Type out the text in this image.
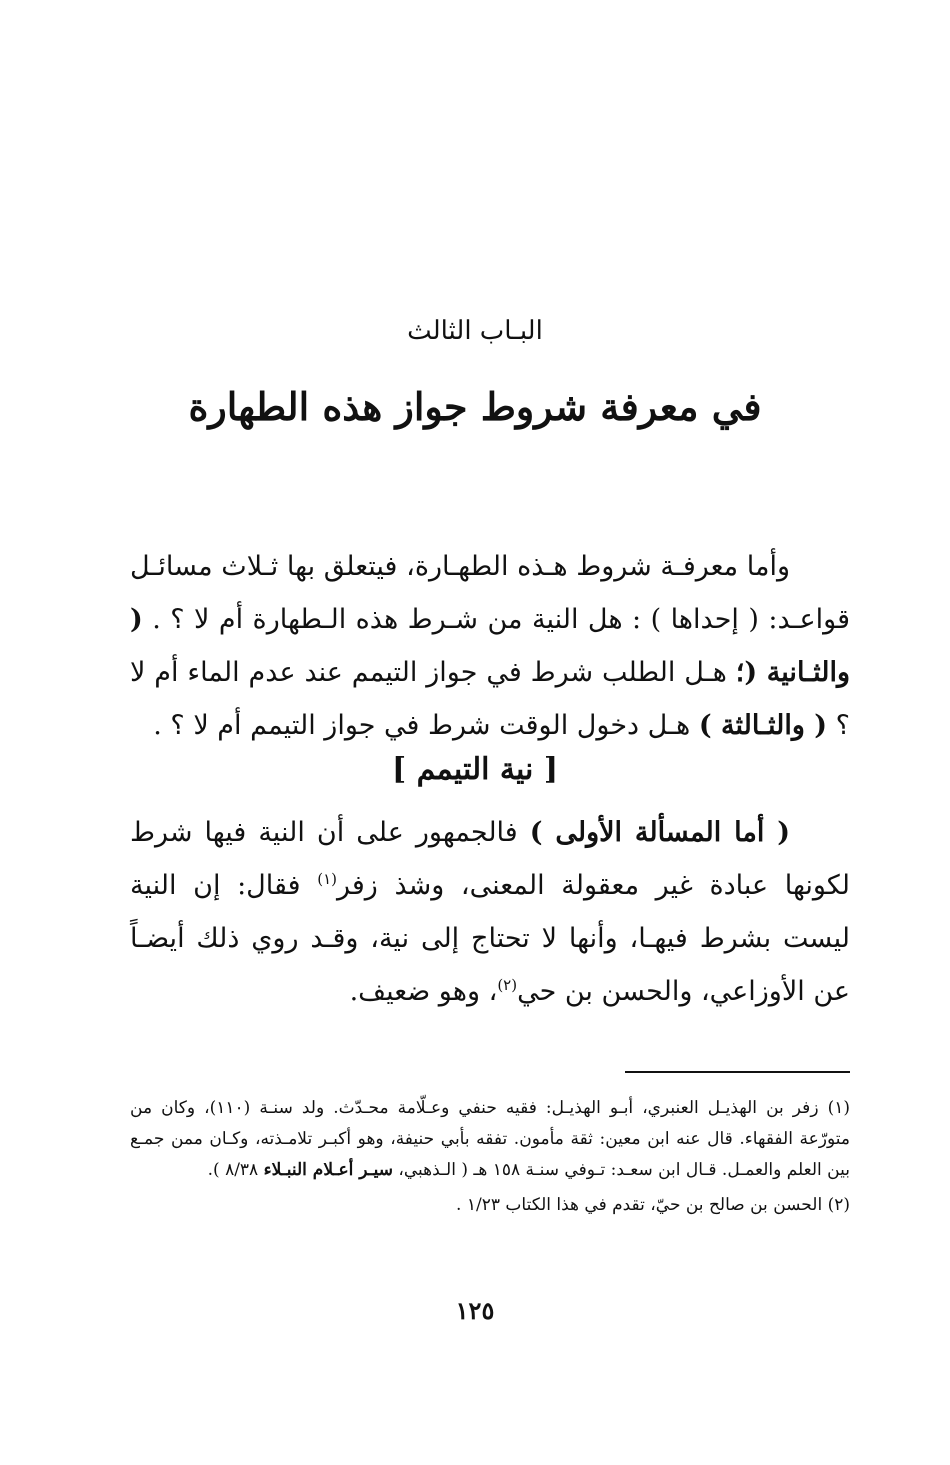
البـاب الثالث
في معرفة شروط جواز هذه الطهارة

وأما معرفـة شروط هـذه الطهـارة، فيتعلق بها ثـلاث مسائـل قواعـد: ( إحداها ) : هل النية من شـرط هذه الـطهارة أم لا ؟ . ( والثـانية (؛ هـل الطلب شرط في جواز التيمم عند عدم الماء أم لا ؟ ( والثـالثة ) هـل دخول الوقت شرط في جواز التيمم أم لا ؟ .

[ نية التيمم ]

( أما المسألة الأولى ) فالجمهور على أن النية فيها شرط لكونها عبادة غير معقولة المعنى، وشذ زفر$^{(١)}$ فقال: إن النية ليست بشرط فيهـا، وأنها لا تحتاج إلى نية، وقـد روي ذلك أيضـاً عن الأوزاعي، والحسن بن حي$^{(٢)}$، وهو ضعيف.

(١) زفر بن الهذيـل العنبري، أبـو الهذيـل: فقيه حنفي وعـلّامة محـدّث. ولد سنـة (١١٠)، وكان من متورّعة الفقهاء. قال عنه ابن معين: ثقة مأمون. تفقه بأبي حنيفة، وهو أكبـر تلامـذته، وكـان ممن جمـع بين العلم والعمـل. قـال ابن سعـد: تـوفي سنـة ١٥٨ هـ ( الـذهبي، سيـر أعـلام النبـلاء ٨/٣٨ ).

(٢) الحسن بن صالح بن حيّ، تقدم في هذا الكتاب ١/٢٣ .

١٢٥
